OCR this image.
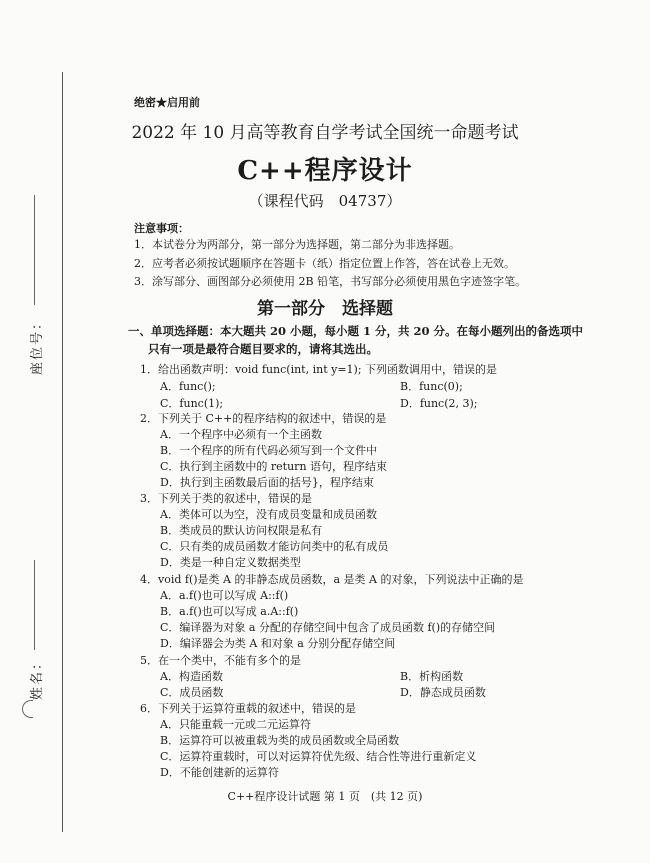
座位号：
姓名：
绝密★启用前
2022 年 10 月高等教育自学考试全国统一命题考试
C++程序设计
（课程代码　04737）
注意事项：
1．本试卷分为两部分，第一部分为选择题，第二部分为非选择题。
2．应考者必须按试题顺序在答题卡（纸）指定位置上作答，答在试卷上无效。
3．涂写部分、画图部分必须使用 2B 铅笔，书写部分必须使用黑色字迹签字笔。
第一部分　选择题
一、单项选择题：本大题共 20 小题，每小题 1 分，共 20 分。在每小题列出的备选项中
只有一项是最符合题目要求的，请将其选出。
1．给出函数声明：void func(int, int y=1); 下列函数调用中，错误的是
A．func();	B．func(0);
C．func(1);	D．func(2, 3);
2．下列关于 C++的程序结构的叙述中，错误的是
A．一个程序中必须有一个主函数
B．一个程序的所有代码必须写到一个文件中
C．执行到主函数中的 return 语句，程序结束
D．执行到主函数最后面的括号}，程序结束
3．下列关于类的叙述中，错误的是
A．类体可以为空，没有成员变量和成员函数
B．类成员的默认访问权限是私有
C．只有类的成员函数才能访问类中的私有成员
D．类是一种自定义数据类型
4．void f()是类 A 的非静态成员函数，a 是类 A 的对象，下列说法中正确的是
A．a.f()也可以写成 A::f()
B．a.f()也可以写成 a.A::f()
C．编译器为对象 a 分配的存储空间中包含了成员函数 f()的存储空间
D．编译器会为类 A 和对象 a 分别分配存储空间
5．在一个类中，不能有多个的是
A．构造函数	B．析构函数
C．成员函数	D．静态成员函数
6．下列关于运算符重载的叙述中，错误的是
A．只能重载一元或二元运算符
B．运算符可以被重载为类的成员函数或全局函数
C．运算符重载时，可以对运算符优先级、结合性等进行重新定义
D．不能创建新的运算符
C++程序设计试题 第 1 页　(共 12 页)
